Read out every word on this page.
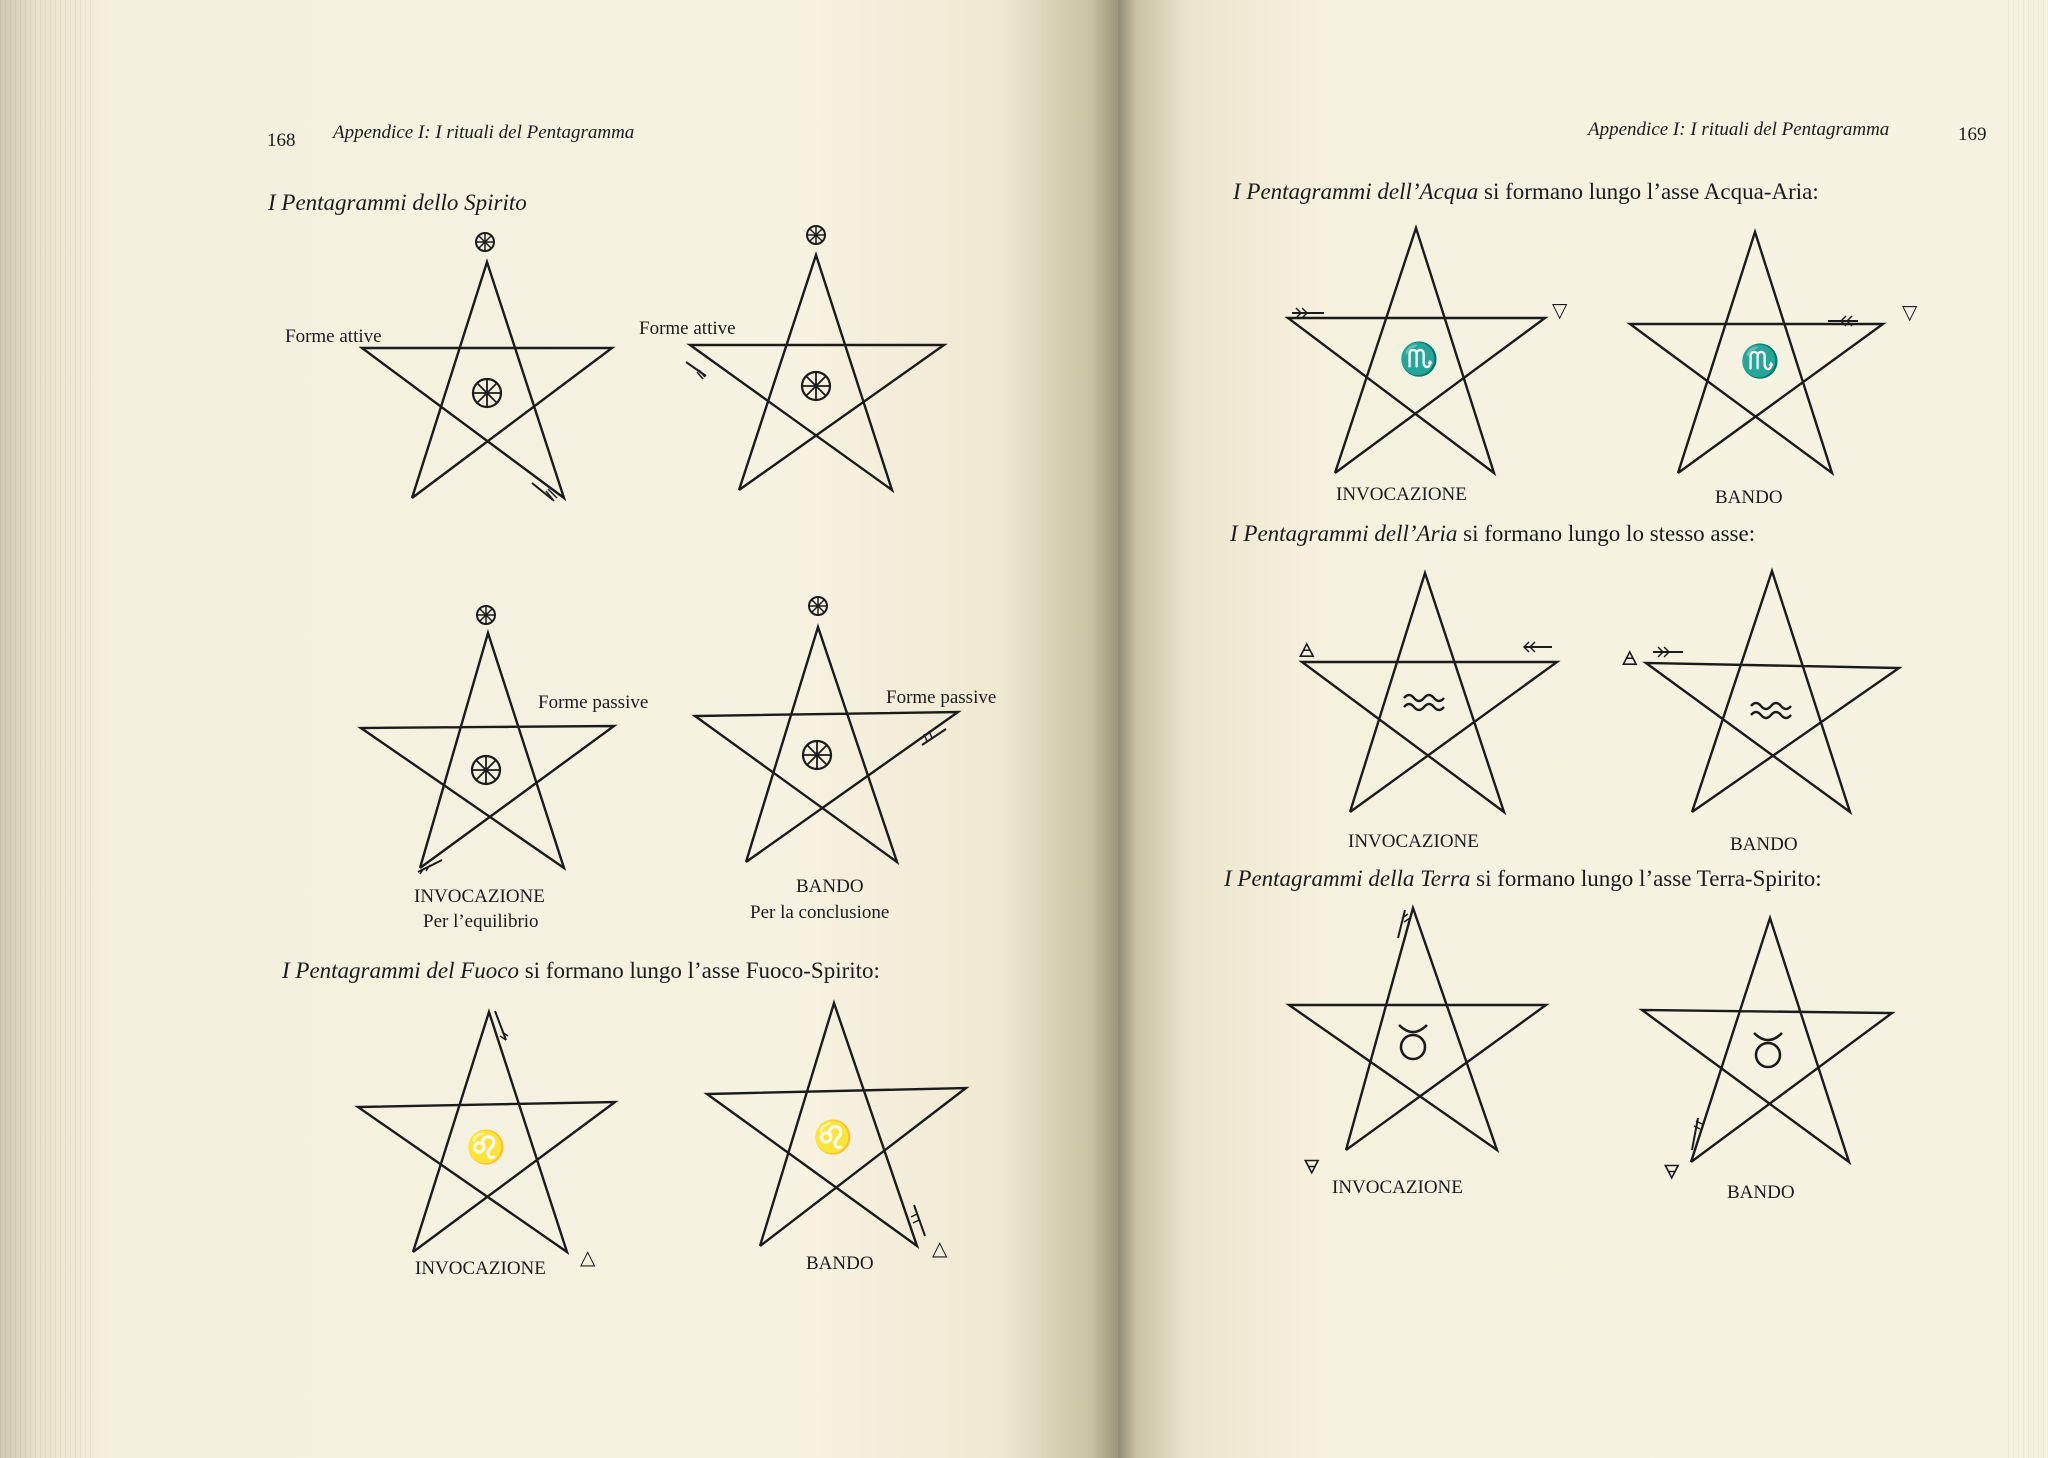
168 Appendice I: I rituali del Pentagramma
I Pentagrammi dello Spirito
Forme attive	Forme attive
Forme passive
INVOCAZIONE
Per l’equilibrio
Forme passive
BANDO
Per la conclusione
I Pentagrammi del Fuoco si formano lungo l’asse Fuoco-Spirito:
♌
INVOCAZIONE △
♌
BANDO
△
Appendice I: I rituali del Pentagramma	169
I Pentagrammi dell’Acqua si formano lungo l’asse Acqua-Aria:
♏
▽
INVOCAZIONE
♏
▽
BANDO
I Pentagrammi dell’Aria si formano lungo lo stesso asse:
🜁
INVOCAZIONE
🜁
BANDO
I Pentagrammi della Terra si formano lungo l’asse Terra-Spirito:
🜃
INVOCAZIONE
🜃
BANDO
